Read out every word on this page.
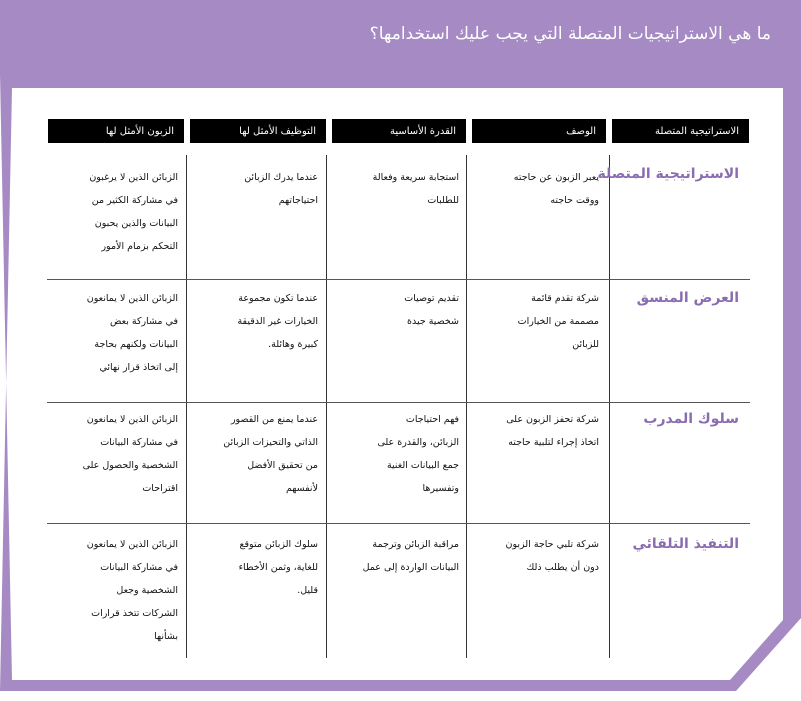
ما هي الاستراتيجيات المتصلة التي يجب عليك استخدامها؟
الاستراتيجية المتصلة
الوصف
القدرة الأساسية
التوظيف الأمثل لها
الزبون الأمثل لها
الاستراتيجية المتصلة
يعبر الزبون عن حاجته
ووقت حاجته
استجابة سريعة وفعالة
للطلبات
عندما يدرك الزبائن
احتياجاتهم
الزبائن الذين لا يرغبون
في مشاركة الكثير من
البيانات والذين يحبون
التحكم بزمام الأمور
العرض المنسق
شركة تقدم قائمة
مصممة من الخيارات
للزبائن
تقديم توصيات
شخصية جيدة
عندما تكون مجموعة
الخيارات غير الدقيقة
كبيرة وهائلة.
الزبائن الذين لا يمانعون
في مشاركة بعض
البيانات ولكنهم بحاجة
إلى اتخاذ قرار نهائي
سلوك المدرب
شركة تحفز الزبون على
اتخاذ إجراء لتلبية حاجته
فهم احتياجات
الزبائن، والقدرة على
جمع البيانات الغنية
وتفسيرها
عندما يمنع من القصور
الذاتي والتحيزات الزبائن
من تحقيق الأفضل
لأنفسهم
الزبائن الذين لا يمانعون
في مشاركة البيانات
الشخصية والحصول على
اقتراحات
التنفيذ التلقائي
شركة تلبي حاجة الزبون
دون أن يطلب ذلك
مراقبة الزبائن وترجمة
البيانات الواردة إلى عمل
سلوك الزبائن متوقع
للغاية، وثمن الأخطاء
قليل.
الزبائن الذين لا يمانعون
في مشاركة البيانات
الشخصية وجعل
الشركات تتخذ قرارات
بشأنها
